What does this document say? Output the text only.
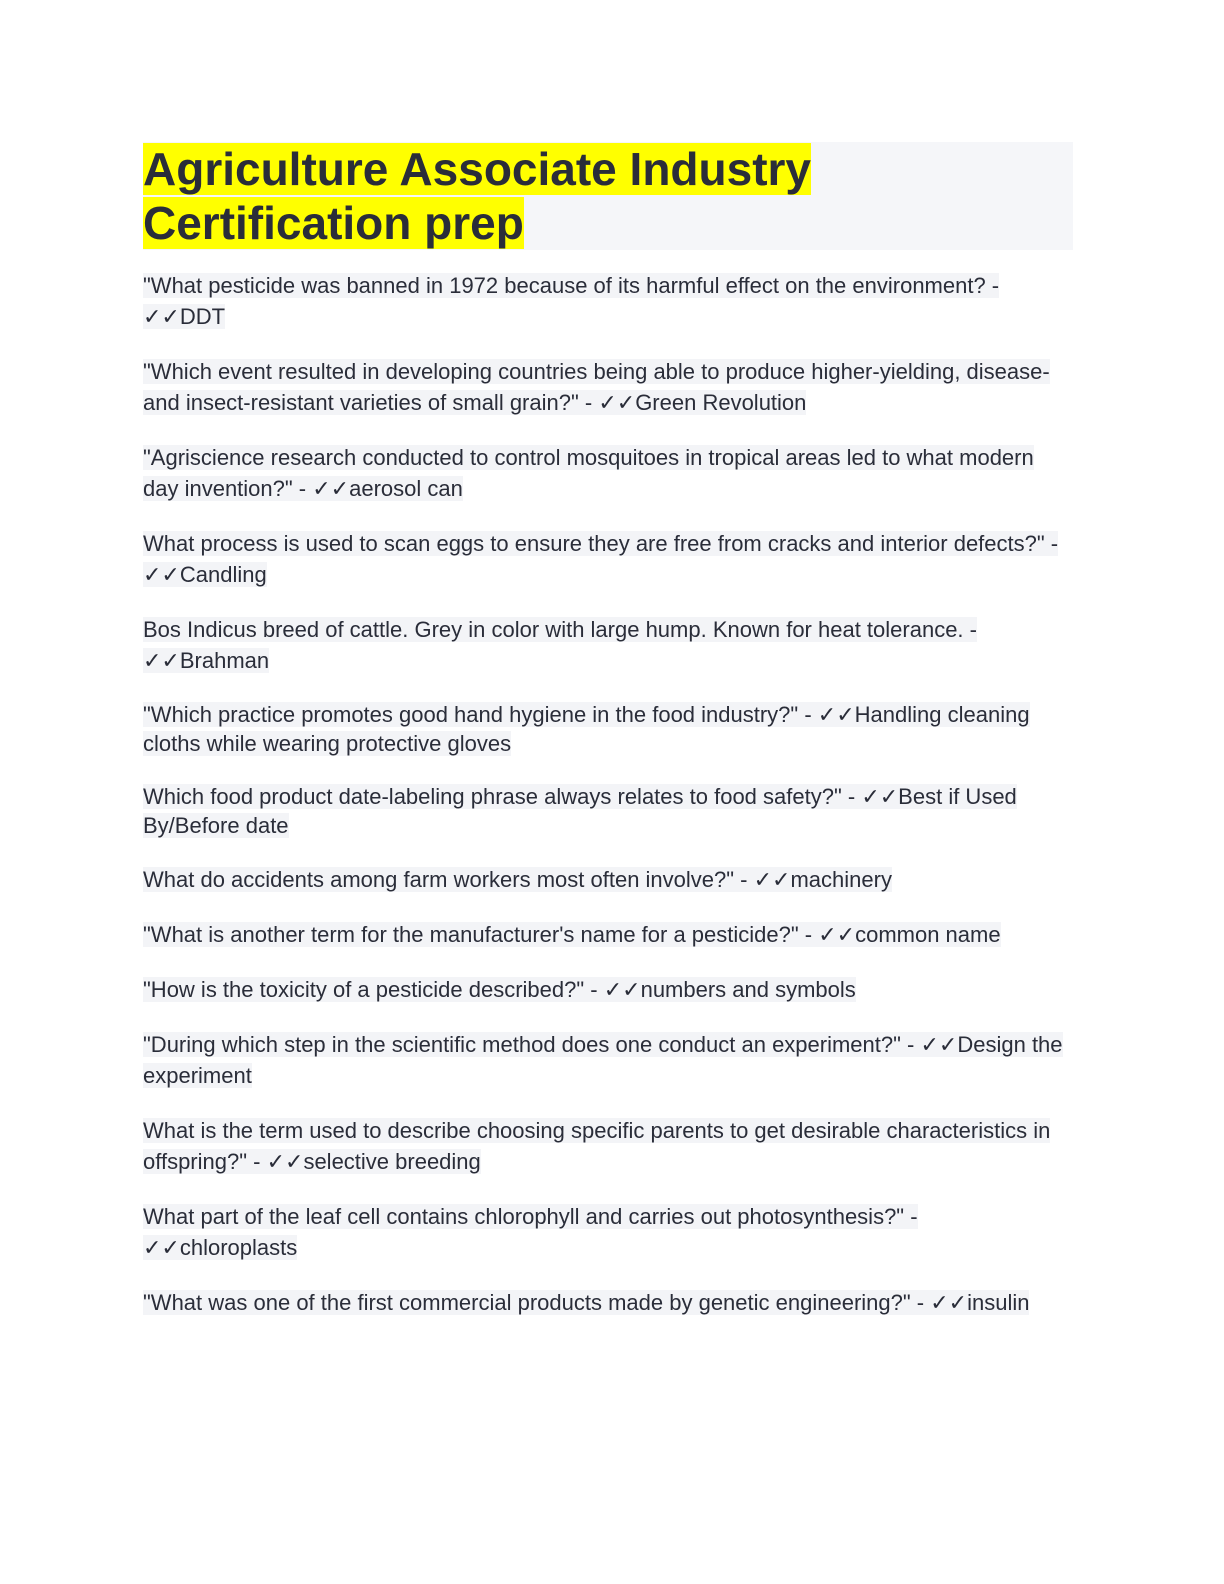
Agriculture Associate Industry Certification prep

"What pesticide was banned in 1972 because of its harmful effect on the environment? - ✓✓DDT

"Which event resulted in developing countries being able to produce higher-yielding, disease- and insect-resistant varieties of small grain?" - ✓✓Green Revolution

"Agriscience research conducted to control mosquitoes in tropical areas led to what modern day invention?" - ✓✓aerosol can

What process is used to scan eggs to ensure they are free from cracks and interior defects?" - ✓✓Candling

Bos Indicus breed of cattle. Grey in color with large hump. Known for heat tolerance. - ✓✓Brahman

"Which practice promotes good hand hygiene in the food industry?" - ✓✓Handling cleaning cloths while wearing protective gloves

Which food product date-labeling phrase always relates to food safety?" - ✓✓Best if Used By/Before date

What do accidents among farm workers most often involve?" - ✓✓machinery

"What is another term for the manufacturer's name for a pesticide?" - ✓✓common name

"How is the toxicity of a pesticide described?" - ✓✓numbers and symbols

"During which step in the scientific method does one conduct an experiment?" - ✓✓Design the experiment

What is the term used to describe choosing specific parents to get desirable characteristics in offspring?" - ✓✓selective breeding

What part of the leaf cell contains chlorophyll and carries out photosynthesis?" - ✓✓chloroplasts

"What was one of the first commercial products made by genetic engineering?" - ✓✓insulin
